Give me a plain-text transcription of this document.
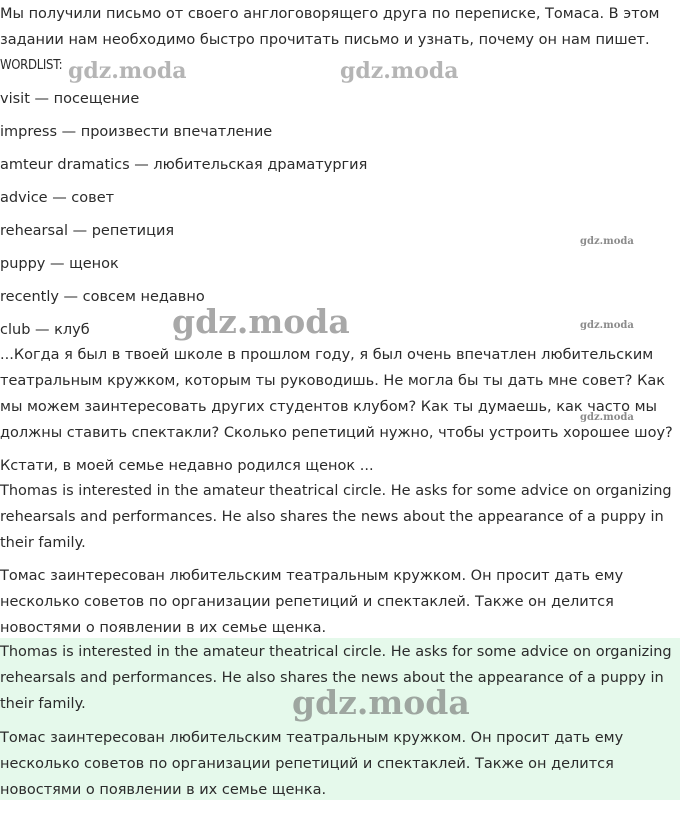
Мы получили письмо от своего англоговорящего друга по переписке, Томаса. В этом задании нам необходимо быстро прочитать письмо и узнать, почему он нам пишет.

WORDLIST:
visit — посещение
impress — произвести впечатление
amteur dramatics — любительская драматургия
advice — совет
rehearsal — репетиция
puppy — щенок
recently — совсем недавно
club — клуб

...Когда я был в твоей школе в прошлом году, я был очень впечатлен любительским театральным кружком, которым ты руководишь. Не могла бы ты дать мне совет? Как мы можем заинтересовать других студентов клубом? Как ты думаешь, как часто мы должны ставить спектакли? Сколько репетиций нужно, чтобы устроить хорошее шоу?

Кстати, в моей семье недавно родился щенок ...

Thomas is interested in the amateur theatrical circle. He asks for some advice on organizing rehearsals and performances. He also shares the news about the appearance of a puppy in their family.

Томас заинтересован любительским театральным кружком. Он просит дать ему несколько советов по организации репетиций и спектаклей. Также он делится новостями о появлении в их семье щенка.

Thomas is interested in the amateur theatrical circle. He asks for some advice on organizing rehearsals and performances. He also shares the news about the appearance of a puppy in their family.

Томас заинтересован любительским театральным кружком. Он просит дать ему несколько советов по организации репетиций и спектаклей. Также он делится новостями о появлении в их семье щенка.

gdz.moda	gdz.moda
gdz.moda
gdz.moda	gdz.moda
gdz.moda
gdz.moda
